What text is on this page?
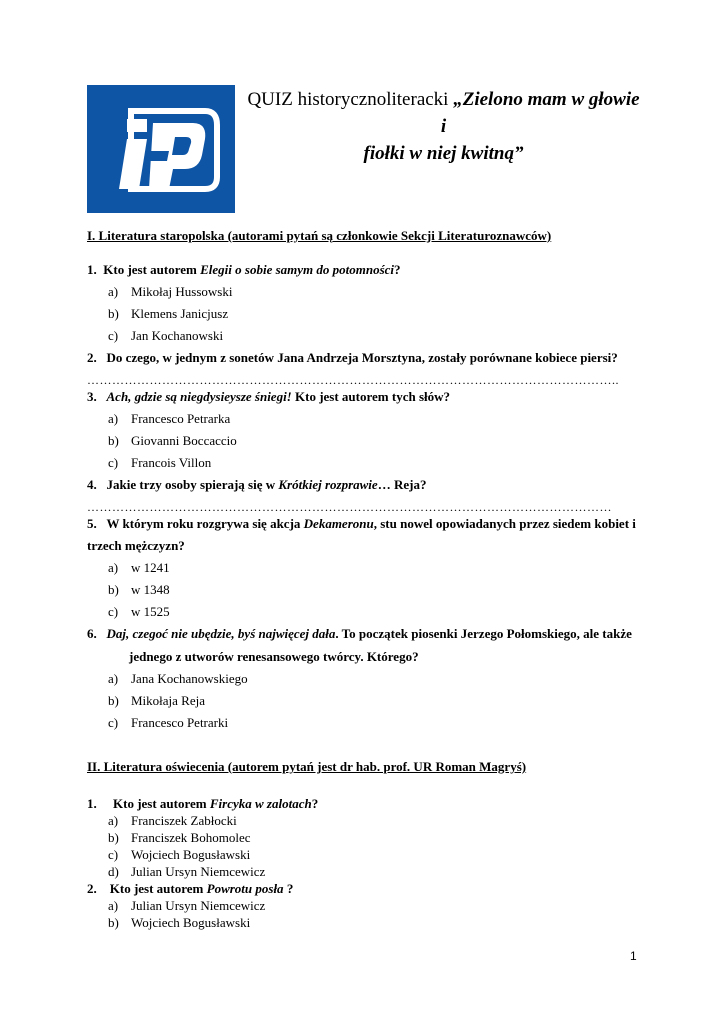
QUIZ historycznoliteracki „Zielono mam w głowie i
fiołki w niej kwitną”
I. Literatura staropolska (autorami pytań są członkowie Sekcji Literaturoznawców)
1. Kto jest autorem Elegii o sobie samym do potomności?
a) Mikołaj Hussowski
b) Klemens Janicjusz
c) Jan Kochanowski
2. Do czego, w jednym z sonetów Jana Andrzeja Morsztyna, zostały porównane kobiece piersi?
………………………………………………………………………………………………………………..
3. Ach, gdzie są niegdysieysze śniegi! Kto jest autorem tych słów?
a) Francesco Petrarka
b) Giovanni Boccaccio
c) Francois Villon
4. Jakie trzy osoby spierają się w Krótkiej rozprawie… Reja?
………………………………………………………………………………………………………………
5. W którym roku rozgrywa się akcja Dekameronu, stu nowel opowiadanych przez siedem kobiet i
trzech mężczyzn?
a) w 1241
b) w 1348
c) w 1525
6. Daj, czegoć nie ubędzie, byś najwięcej dała. To początek piosenki Jerzego Połomskiego, ale także
jednego z utworów renesansowego twórcy. Którego?
a) Jana Kochanowskiego
b) Mikołaja Reja
c) Francesco Petrarki
II. Literatura oświecenia (autorem pytań jest dr hab. prof. UR Roman Magryś)
1. Kto jest autorem Fircyka w zalotach?
a) Franciszek Zabłocki
b) Franciszek Bohomolec
c) Wojciech Bogusławski
d) Julian Ursyn Niemcewicz
2. Kto jest autorem Powrotu posła ?
a) Julian Ursyn Niemcewicz
b) Wojciech Bogusławski
1
